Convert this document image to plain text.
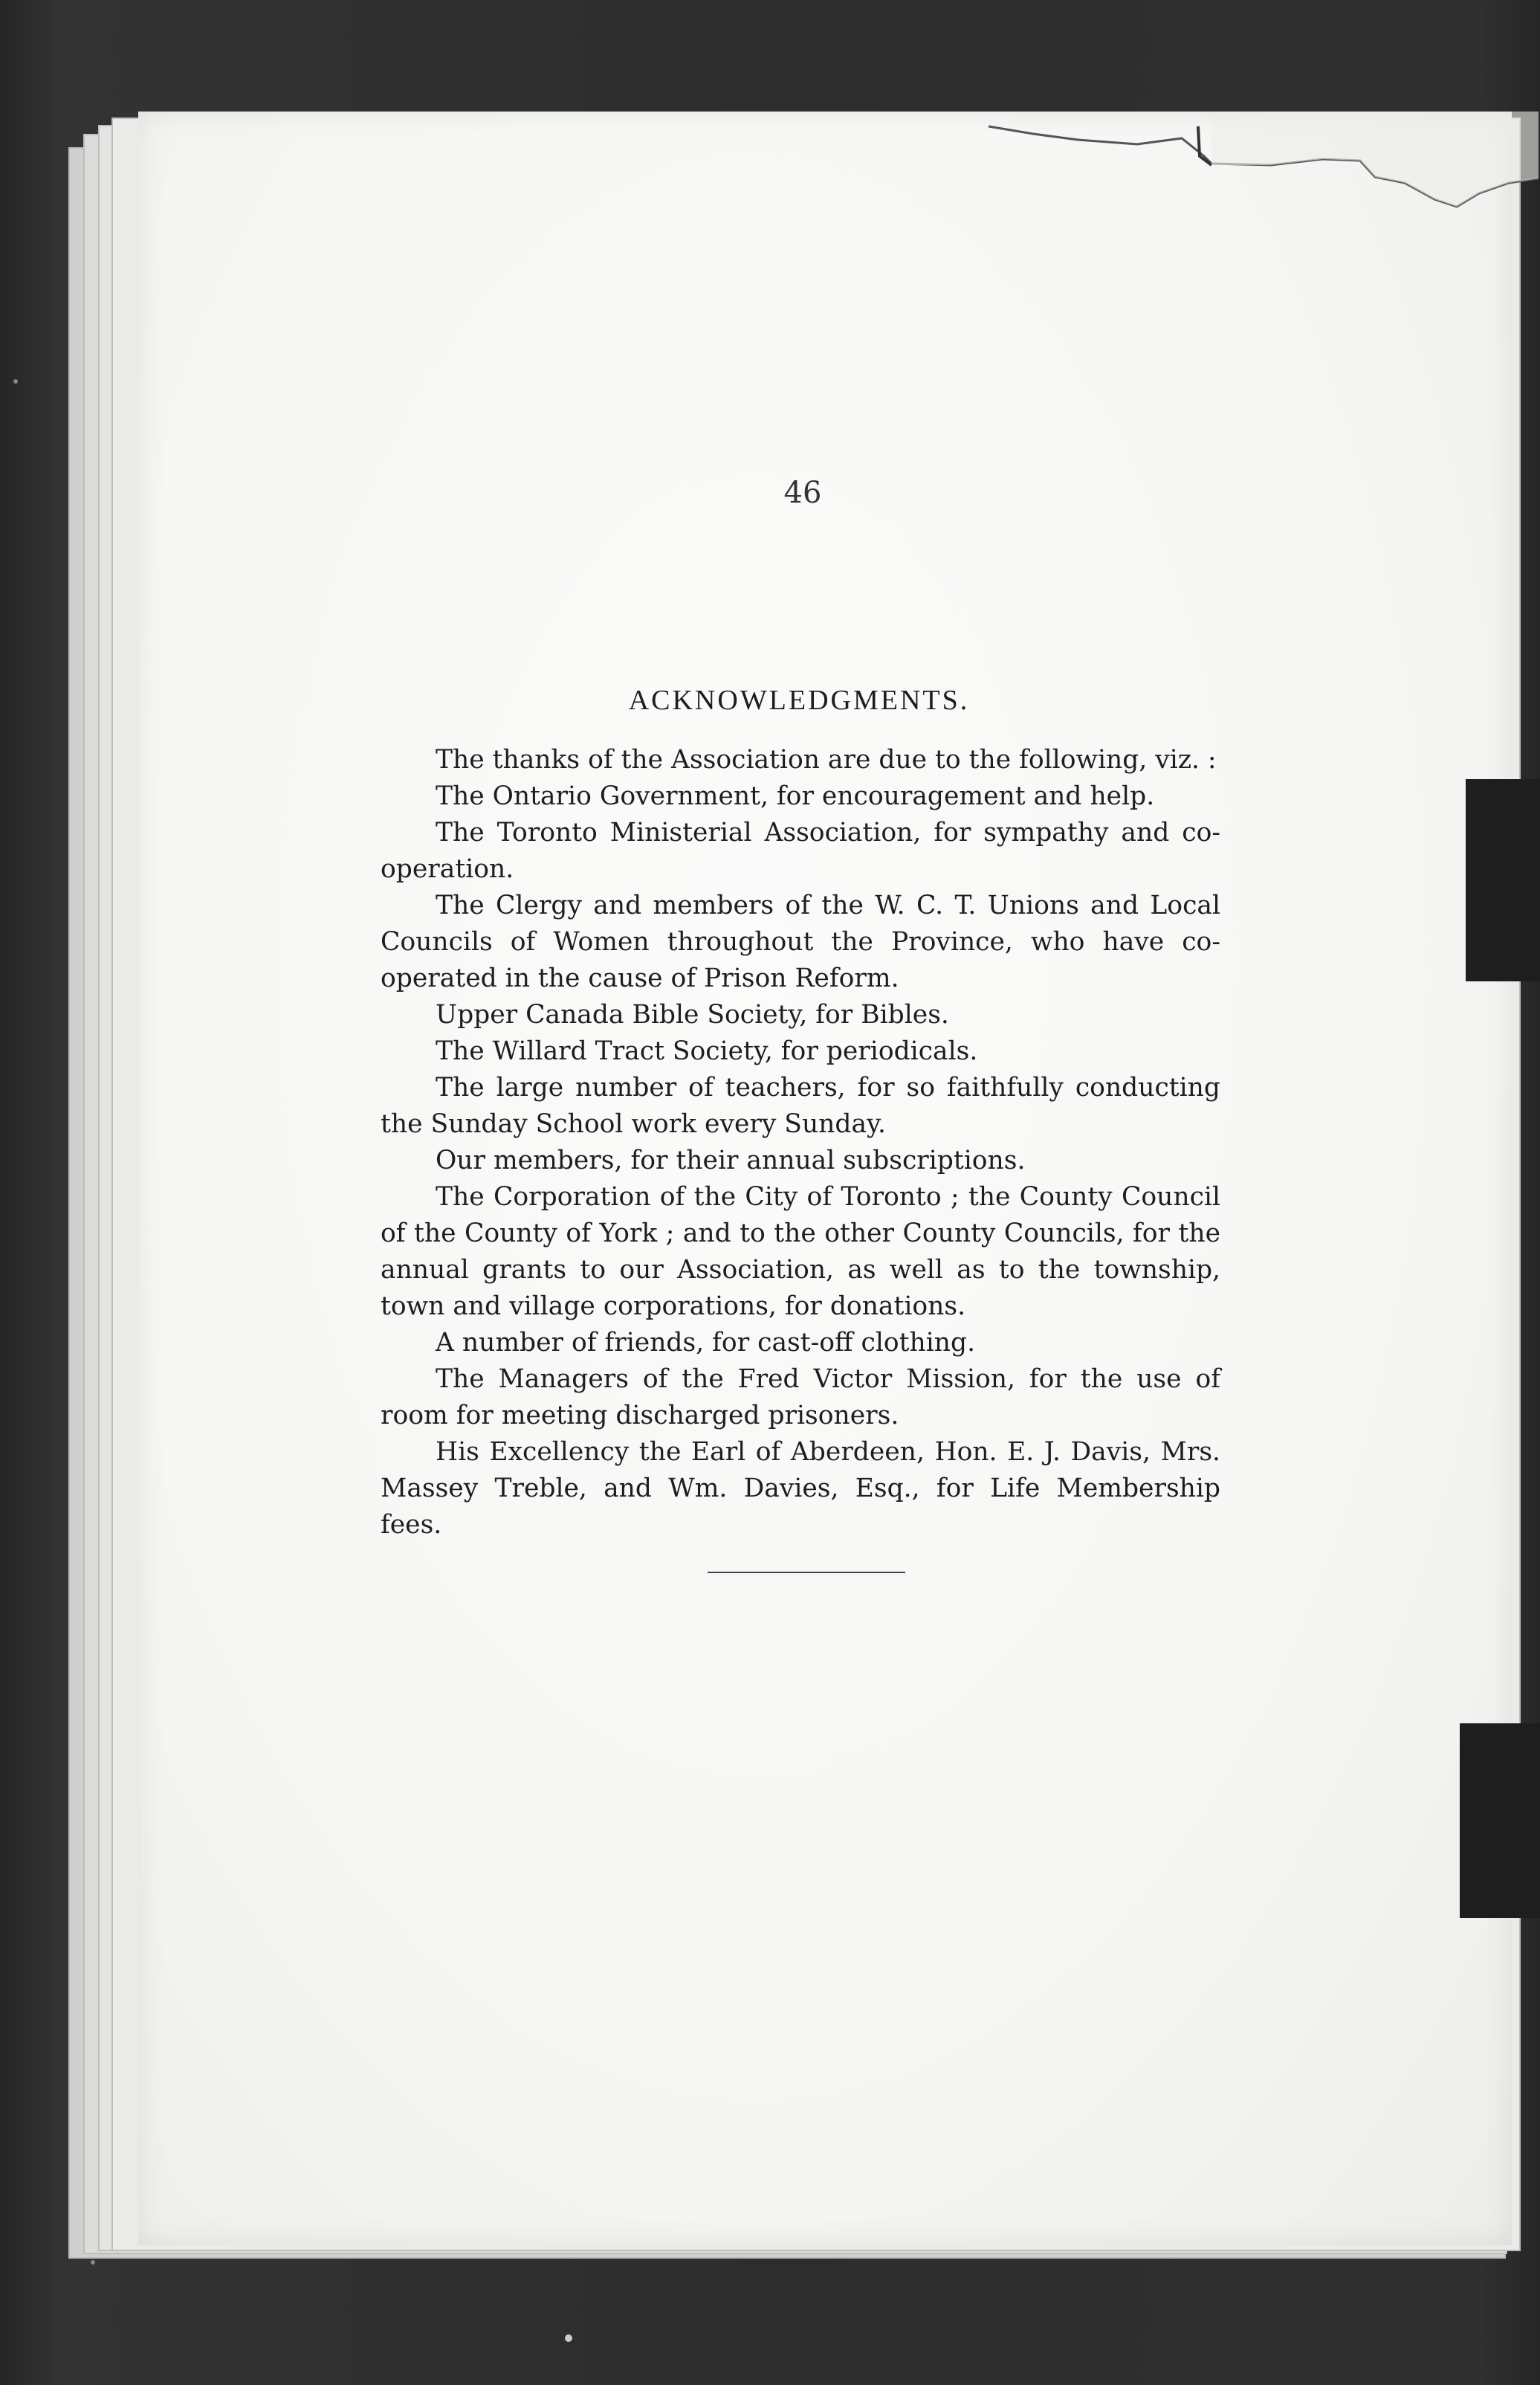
46
ACKNOWLEDGMENTS.

The thanks of the Association are due to the following, viz. :

The Ontario Government, for encouragement and help.

The Toronto Ministerial Association, for sympathy and co-operation.

The Clergy and members of the W. C. T. Unions and Local Councils of Women throughout the Province, who have co-operated in the cause of Prison Reform.

Upper Canada Bible Society, for Bibles.

The Willard Tract Society, for periodicals.

The large number of teachers, for so faithfully conducting the Sunday School work every Sunday.

Our members, for their annual subscriptions.

The Corporation of the City of Toronto ; the County Council of the County of York ; and to the other County Councils, for the annual grants to our Association, as well as to the township, town and village corporations, for donations.

A number of friends, for cast-off clothing.

The Managers of the Fred Victor Mission, for the use of room for meeting discharged prisoners.

His Excellency the Earl of Aberdeen, Hon. E. J. Davis, Mrs. Massey Treble, and Wm. Davies, Esq., for Life Membership fees.
